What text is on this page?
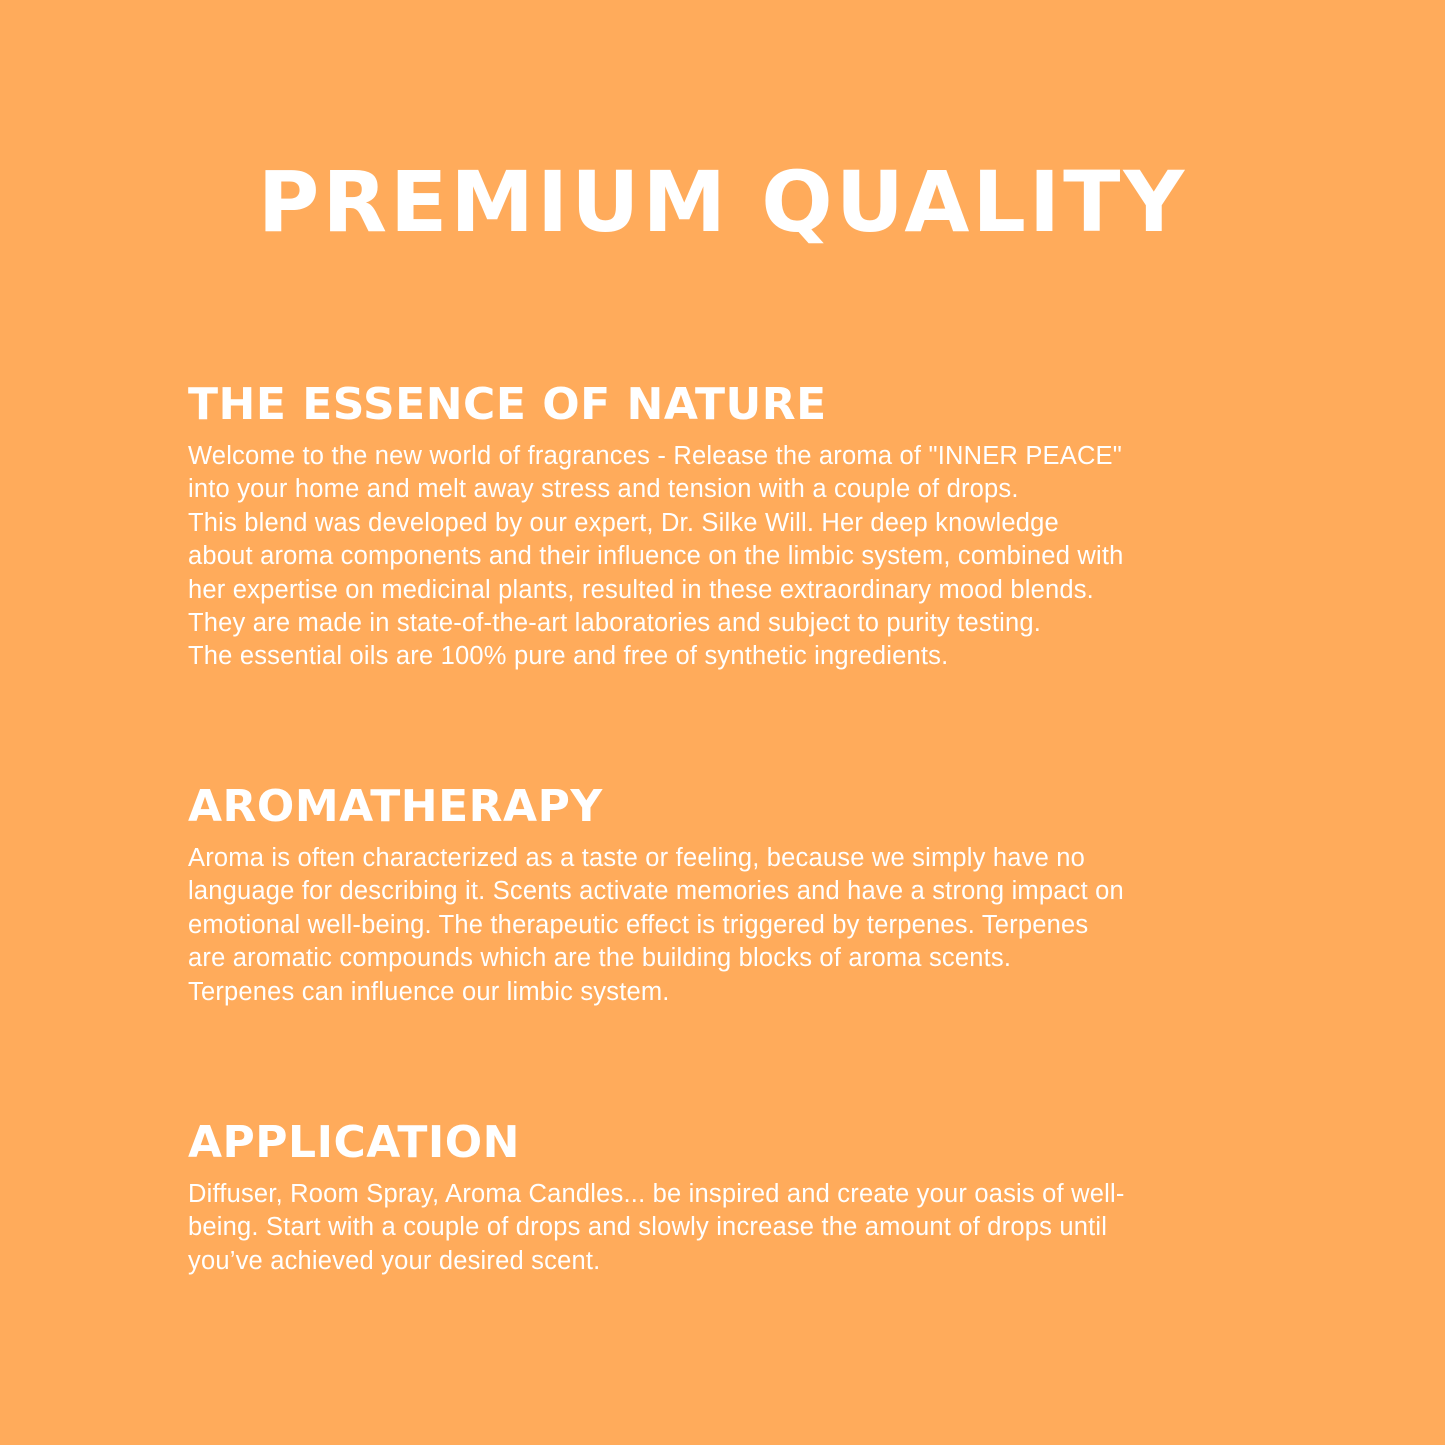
PREMIUM QUALITY
THE ESSENCE OF NATURE
Welcome to the new world of fragrances - Release the aroma of "INNER PEACE"
into your home and melt away stress and tension with a couple of drops.
This blend was developed by our expert, Dr. Silke Will. Her deep knowledge
about aroma components and their influence on the limbic system, combined with
her expertise on medicinal plants, resulted in these extraordinary mood blends.
They are made in state-of-the-art laboratories and subject to purity testing.
The essential oils are 100% pure and free of synthetic ingredients.
AROMATHERAPY
Aroma is often characterized as a taste or feeling, because we simply have no
language for describing it. Scents activate memories and have a strong impact on
emotional well-being. The therapeutic effect is triggered by terpenes. Terpenes
are aromatic compounds which are the building blocks of aroma scents.
Terpenes can influence our limbic system.
APPLICATION
Diffuser, Room Spray, Aroma Candles... be inspired and create your oasis of well-
being. Start with a couple of drops and slowly increase the amount of drops until
you’ve achieved your desired scent.
